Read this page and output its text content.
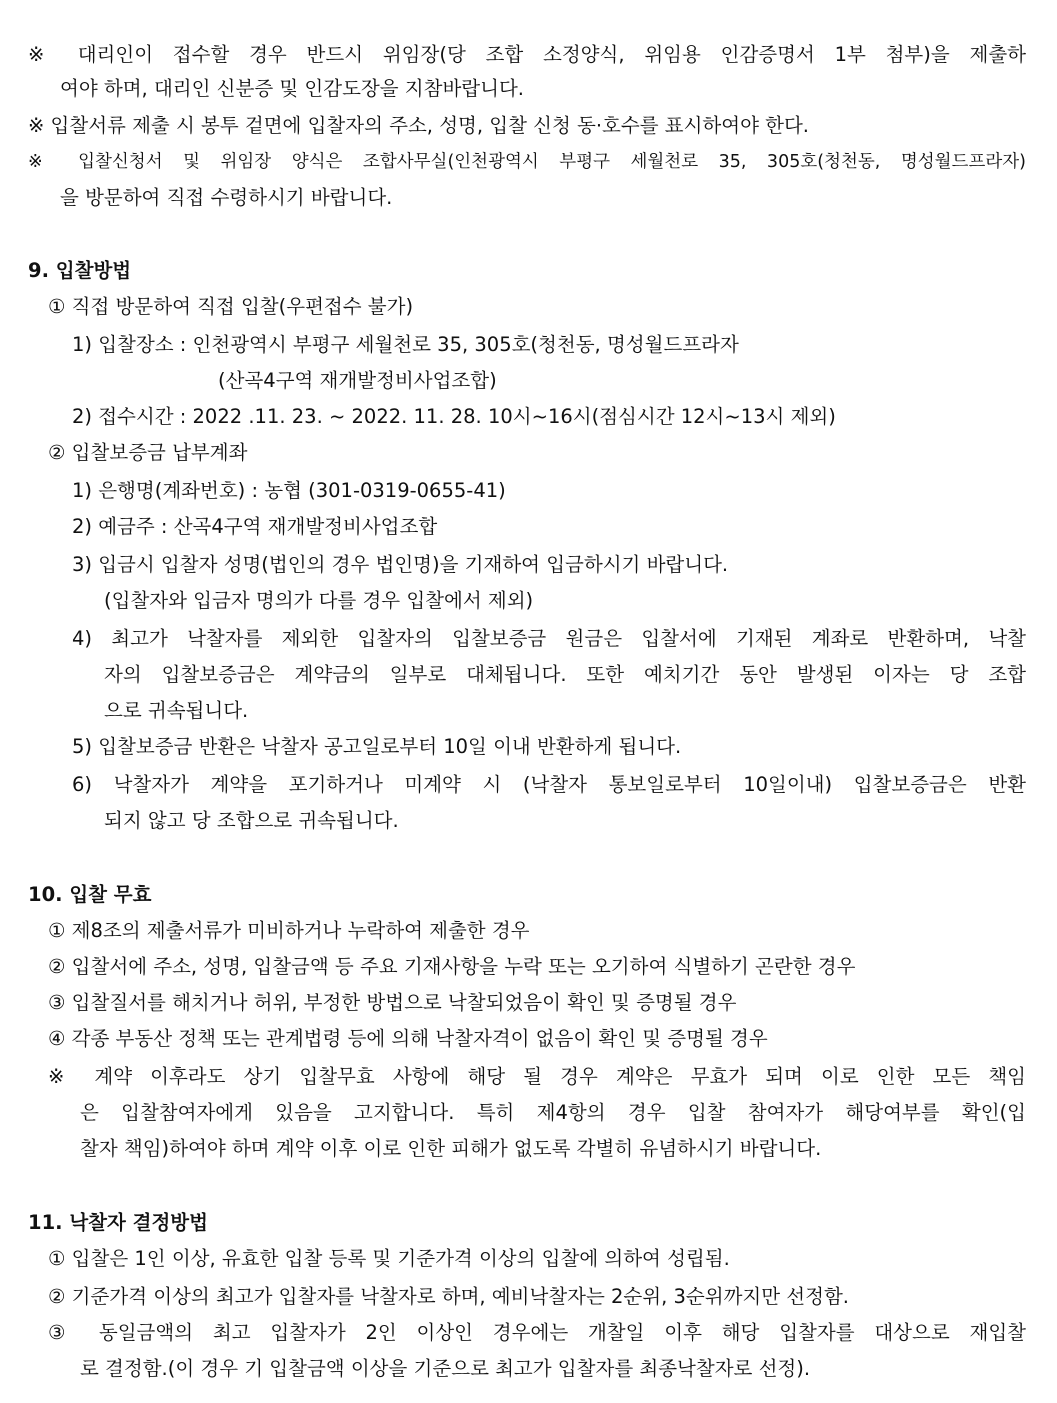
※ 대리인이 접수할 경우 반드시 위임장(당 조합 소정양식, 위임용 인감증명서 1부 첨부)을 제출하
여야 하며, 대리인 신분증 및 인감도장을 지참바랍니다.
※ 입찰서류 제출 시 봉투 겉면에 입찰자의 주소, 성명, 입찰 신청 동·호수를 표시하여야 한다.
※ 입찰신청서 및 위임장 양식은 조합사무실(인천광역시 부평구 세월천로 35, 305호(청천동, 명성월드프라자)
을 방문하여 직접 수령하시기 바랍니다.
9. 입찰방법
① 직접 방문하여 직접 입찰(우편접수 불가)
1) 입찰장소 : 인천광역시 부평구 세월천로 35, 305호(청천동, 명성월드프라자
(산곡4구역 재개발정비사업조합)
2) 접수시간 : 2022 .11. 23. ~ 2022. 11. 28. 10시~16시(점심시간 12시~13시 제외)
② 입찰보증금 납부계좌
1) 은행명(계좌번호) : 농협 (301-0319-0655-41)
2) 예금주 : 산곡4구역 재개발정비사업조합
3) 입금시 입찰자 성명(법인의 경우 법인명)을 기재하여 입금하시기 바랍니다.
(입찰자와 입금자 명의가 다를 경우 입찰에서 제외)
4) 최고가 낙찰자를 제외한 입찰자의 입찰보증금 원금은 입찰서에 기재된 계좌로 반환하며, 낙찰
자의 입찰보증금은 계약금의 일부로 대체됩니다. 또한 예치기간 동안 발생된 이자는 당 조합
으로 귀속됩니다.
5) 입찰보증금 반환은 낙찰자 공고일로부터 10일 이내 반환하게 됩니다.
6) 낙찰자가 계약을 포기하거나 미계약 시 (낙찰자 통보일로부터 10일이내) 입찰보증금은 반환
되지 않고 당 조합으로 귀속됩니다.
10. 입찰 무효
① 제8조의 제출서류가 미비하거나 누락하여 제출한 경우
② 입찰서에 주소, 성명, 입찰금액 등 주요 기재사항을 누락 또는 오기하여 식별하기 곤란한 경우
③ 입찰질서를 해치거나 허위, 부정한 방법으로 낙찰되었음이 확인 및 증명될 경우
④ 각종 부동산 정책 또는 관계법령 등에 의해 낙찰자격이 없음이 확인 및 증명될 경우
※ 계약 이후라도 상기 입찰무효 사항에 해당 될 경우 계약은 무효가 되며 이로 인한 모든 책임
은 입찰참여자에게 있음을 고지합니다. 특히 제4항의 경우 입찰 참여자가 해당여부를 확인(입
찰자 책임)하여야 하며 계약 이후 이로 인한 피해가 없도록 각별히 유념하시기 바랍니다.
11. 낙찰자 결정방법
① 입찰은 1인 이상, 유효한 입찰 등록 및 기준가격 이상의 입찰에 의하여 성립됨.
② 기준가격 이상의 최고가 입찰자를 낙찰자로 하며, 예비낙찰자는 2순위, 3순위까지만 선정함.
③ 동일금액의 최고 입찰자가 2인 이상인 경우에는 개찰일 이후 해당 입찰자를 대상으로 재입찰
로 결정함.(이 경우 기 입찰금액 이상을 기준으로 최고가 입찰자를 최종낙찰자로 선정).
